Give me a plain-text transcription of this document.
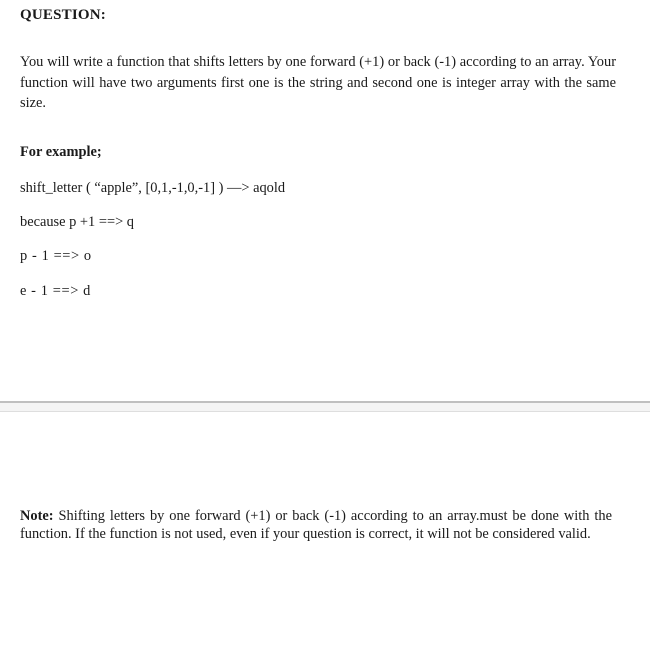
QUESTION:
You will write a function that shifts letters by one forward (+1) or back (-1) according to an array. Your function will have two arguments first one is the string and second one is integer array with the same size.
For example;
shift_letter ( “apple”, [0,1,-1,0,-1] ) —> aqold
because p +1 ==> q
p - 1 ==> o
e - 1 ==> d
Note: Shifting letters by one forward (+1) or back (-1) according to an array.must be done with the function. If the function is not used, even if your question is correct, it will not be considered valid.
